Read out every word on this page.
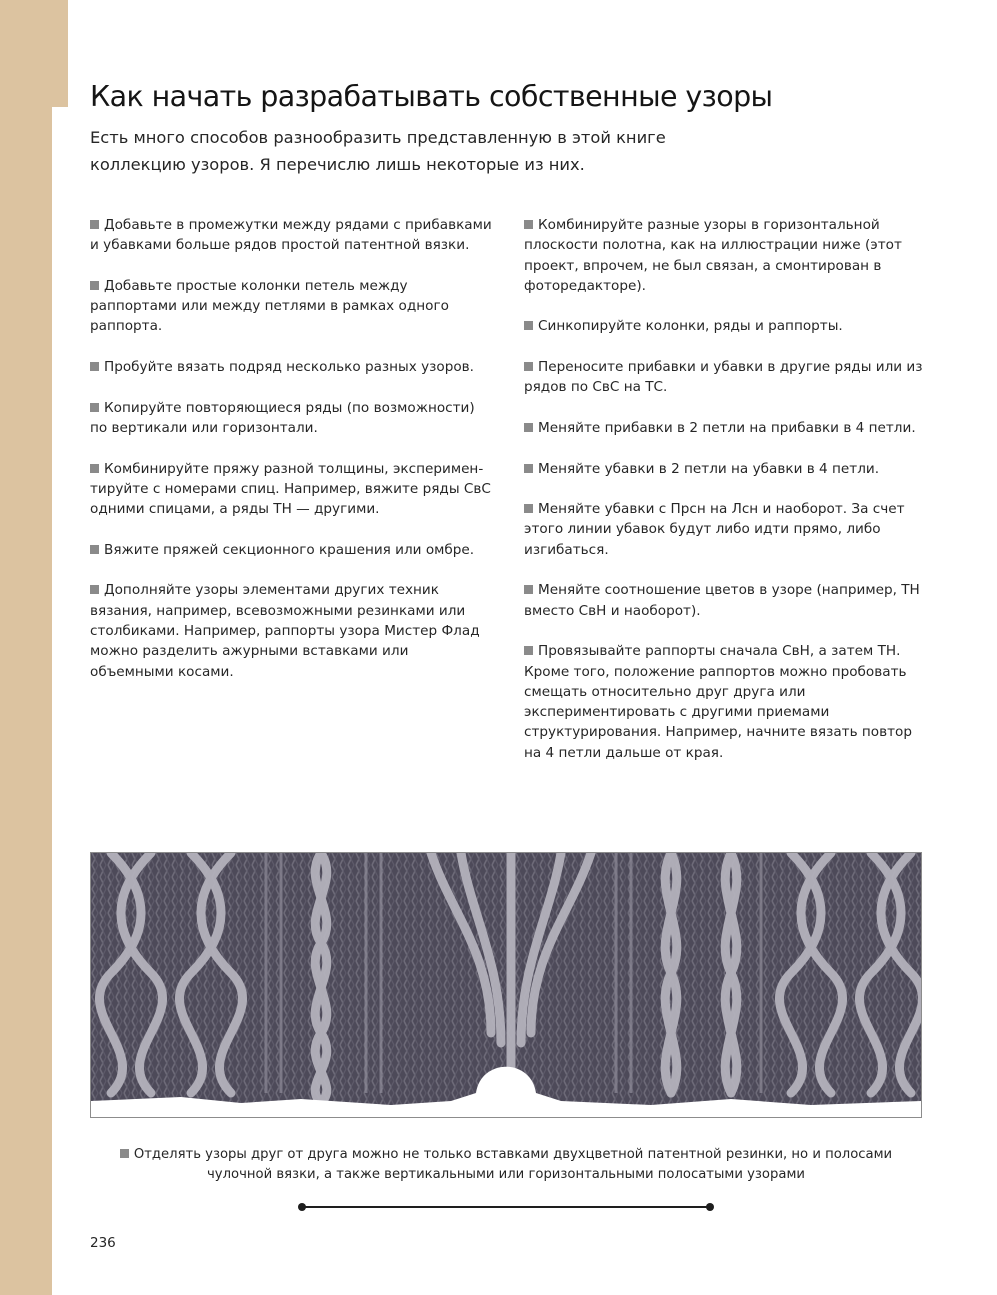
Как начать разрабатывать собственные узоры

Есть много способов разнообразить представленную в этой книге коллекцию узоров. Я перечислю лишь некоторые из них.

Добавьте в промежутки между рядами с прибавками и убавками больше рядов простой патентной вязки.

Добавьте простые колонки петель между раппортами или между петлями в рамках одного раппорта.

Пробуйте вязать подряд несколько разных узоров.

Копируйте повторяющиеся ряды (по возможности) по вертикали или горизонтали.

Комбинируйте пряжу разной толщины, экспериментируйте с номерами спиц. Например, вяжите ряды СвС одними спицами, а ряды ТН — другими.

Вяжите пряжей секционного крашения или омбре.

Дополняйте узоры элементами других техник вязания, например, всевозможными резинками или столбиками. Например, раппорты узора Мистер Флад можно разделить ажурными вставками или объемными косами.

Комбинируйте разные узоры в горизонтальной плоскости полотна, как на иллюстрации ниже (этот проект, впрочем, не был связан, а смонтирован в фоторедакторе).

Синкопируйте колонки, ряды и раппорты.

Переносите прибавки и убавки в другие ряды или из рядов по СвС на ТС.

Меняйте прибавки в 2 петли на прибавки в 4 петли.

Меняйте убавки в 2 петли на убавки в 4 петли.

Меняйте убавки с Прсн на Лсн и наоборот. За счет этого линии убавок будут либо идти прямо, либо изгибаться.

Меняйте соотношение цветов в узоре (например, ТН вместо СвН и наоборот).

Провязывайте раппорты сначала СвН, а затем ТН. Кроме того, положение раппортов можно пробовать смещать относительно друг друга или экспериментировать с другими приемами структурирования. Например, начните вязать повтор на 4 петли дальше от края.

Отделять узоры друг от друга можно не только вставками двухцветной патентной резинки, но и полосами чулочной вязки, а также вертикальными или горизонтальными полосатыми узорами

236
